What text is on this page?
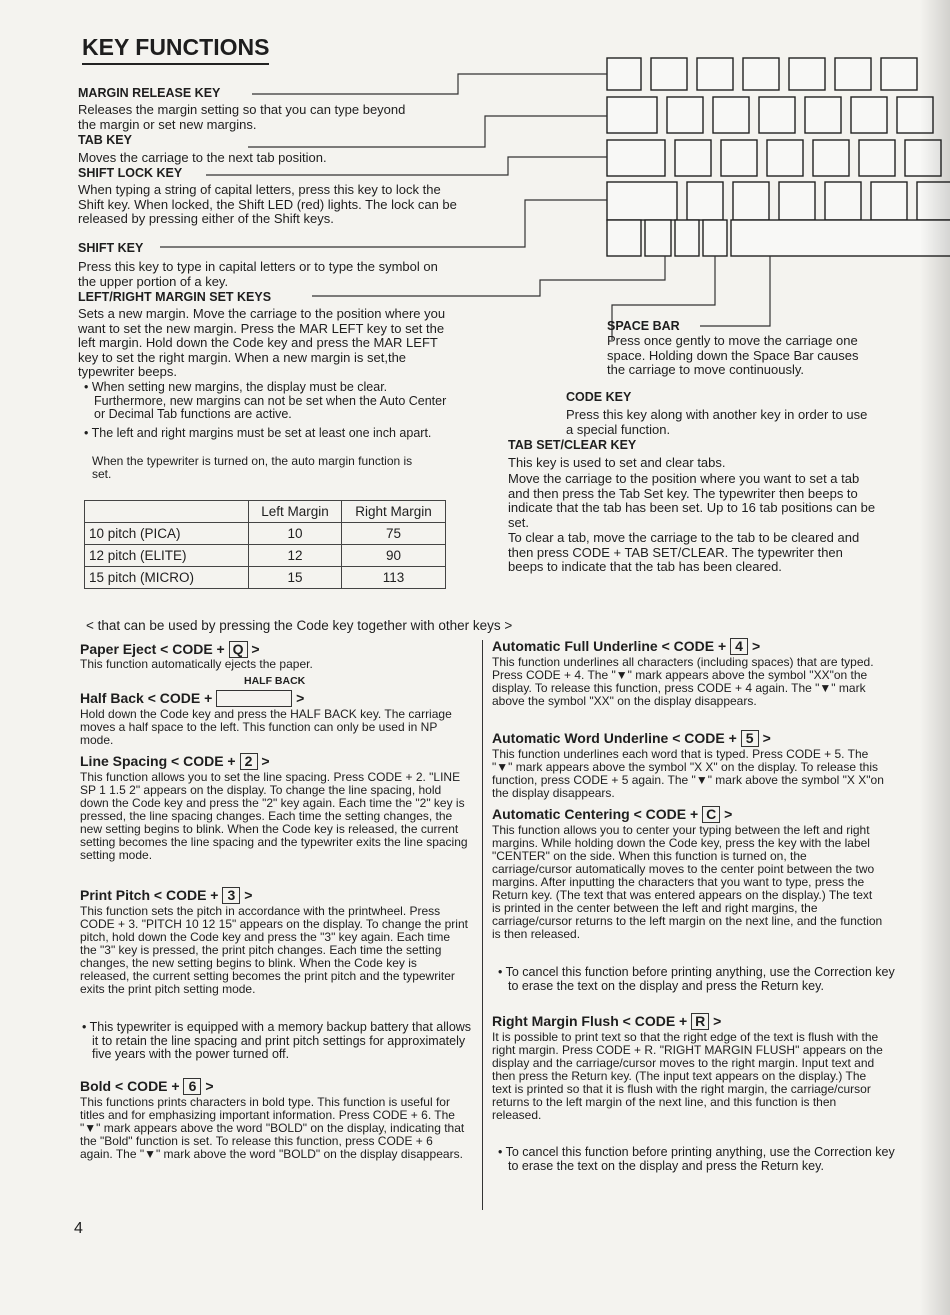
KEY FUNCTIONS
MARGIN RELEASE KEY
Releases the margin setting so that you can type beyond the margin or set new margins.
TAB KEY
Moves the carriage to the next tab position.
SHIFT LOCK KEY
When typing a string of capital letters, press this key to lock the Shift key. When locked, the Shift LED (red) lights. The lock can be released by pressing either of the Shift keys.
SHIFT KEY
Press this key to type in capital letters or to type the symbol on the upper portion of a key.
LEFT/RIGHT MARGIN SET KEYS
Sets a new margin. Move the carriage to the position where you want to set the new margin. Press the MAR LEFT key to set the left margin. Hold down the Code key and press the MAR LEFT key to set the right margin. When a new margin is set,the typewriter beeps.
• When setting new margins, the display must be clear. Furthermore, new margins can not be set when the Auto Center or Decimal Tab functions are active.
• The left and right margins must be set at least one inch apart.
When the typewriter is turned on, the auto margin function is set.
	Left Margin	Right Margin
10 pitch (PICA)	10	75
12 pitch (ELITE)	12	90
15 pitch (MICRO)	15	113
SPACE BAR
Press once gently to move the carriage one space. Holding down the Space Bar causes the carriage to move continuously.
CODE KEY
Press this key along with another key in order to use a special function.
TAB SET/CLEAR KEY
This key is used to set and clear tabs.
Move the carriage to the position where you want to set a tab and then press the Tab Set key. The typewriter then beeps to indicate that the tab has been set. Up to 16 tab positions can be set.
To clear a tab, move the carriage to the tab to be cleared and then press CODE + TAB SET/CLEAR. The typewriter then beeps to indicate that the tab has been cleared.
< that can be used by pressing the Code key together with other keys >
Paper Eject < CODE + Q >
This function automatically ejects the paper.
HALF BACK
Half Back < CODE +	>
Hold down the Code key and press the HALF BACK key. The carriage moves a half space to the left. This function can only be used in NP mode.
Line Spacing < CODE + 2 >
This function allows you to set the line spacing. Press CODE + 2. "LINE SP 1 1.5 2" appears on the display. To change the line spacing, hold down the Code key and press the "2" key again. Each time the "2" key is pressed, the line spacing changes. Each time the setting changes, the new setting begins to blink. When the Code key is released, the current setting becomes the line spacing and the typewriter exits the line spacing setting mode.
Print Pitch < CODE + 3 >
This function sets the pitch in accordance with the printwheel. Press CODE + 3. "PITCH 10 12 15" appears on the display. To change the print pitch, hold down the Code key and press the "3" key again. Each time the "3" key is pressed, the print pitch changes. Each time the setting changes, the new setting begins to blink. When the Code key is released, the current setting becomes the print pitch and the typewriter exits the print pitch setting mode.
• This typewriter is equipped with a memory backup battery that allows it to retain the line spacing and print pitch settings for approximately five years with the power turned off.
Bold < CODE + 6 >
This functions prints characters in bold type. This function is useful for titles and for emphasizing important information. Press CODE + 6. The "▼" mark appears above the word "BOLD" on the display, indicating that the "Bold" function is set. To release this function, press CODE + 6 again. The "▼" mark above the word "BOLD" on the display disappears.
Automatic Full Underline < CODE + 4 >
This function underlines all characters (including spaces) that are typed. Press CODE + 4. The "▼" mark appears above the symbol "XX"on the display. To release this function, press CODE + 4 again. The "▼" mark above the symbol "XX" on the display disappears.
Automatic Word Underline < CODE + 5 >
This function underlines each word that is typed. Press CODE + 5. The "▼" mark appears above the symbol "X X" on the display. To release this function, press CODE + 5 again. The "▼" mark above the symbol "X X"on the display disappears.
Automatic Centering < CODE + C >
This function allows you to center your typing between the left and right margins. While holding down the Code key, press the key with the label "CENTER" on the side. When this function is turned on, the carriage/cursor automatically moves to the center point between the two margins. After inputting the characters that you want to type, press the Return key. (The text that was entered appears on the display.) The text is printed in the center between the left and right margins, the carriage/cursor returns to the left margin on the next line, and the function is then released.
• To cancel this function before printing anything, use the Correction key to erase the text on the display and press the Return key.
Right Margin Flush < CODE + R >
It is possible to print text so that the right edge of the text is flush with the right margin. Press CODE + R. "RIGHT MARGIN FLUSH" appears on the display and the carriage/cursor moves to the right margin. Input text and then press the Return key. (The input text appears on the display.) The text is printed so that it is flush with the right margin, the carriage/cursor returns to the left margin of the next line, and this function is then released.
• To cancel this function before printing anything, use the Correction key to erase the text on the display and press the Return key.
4
